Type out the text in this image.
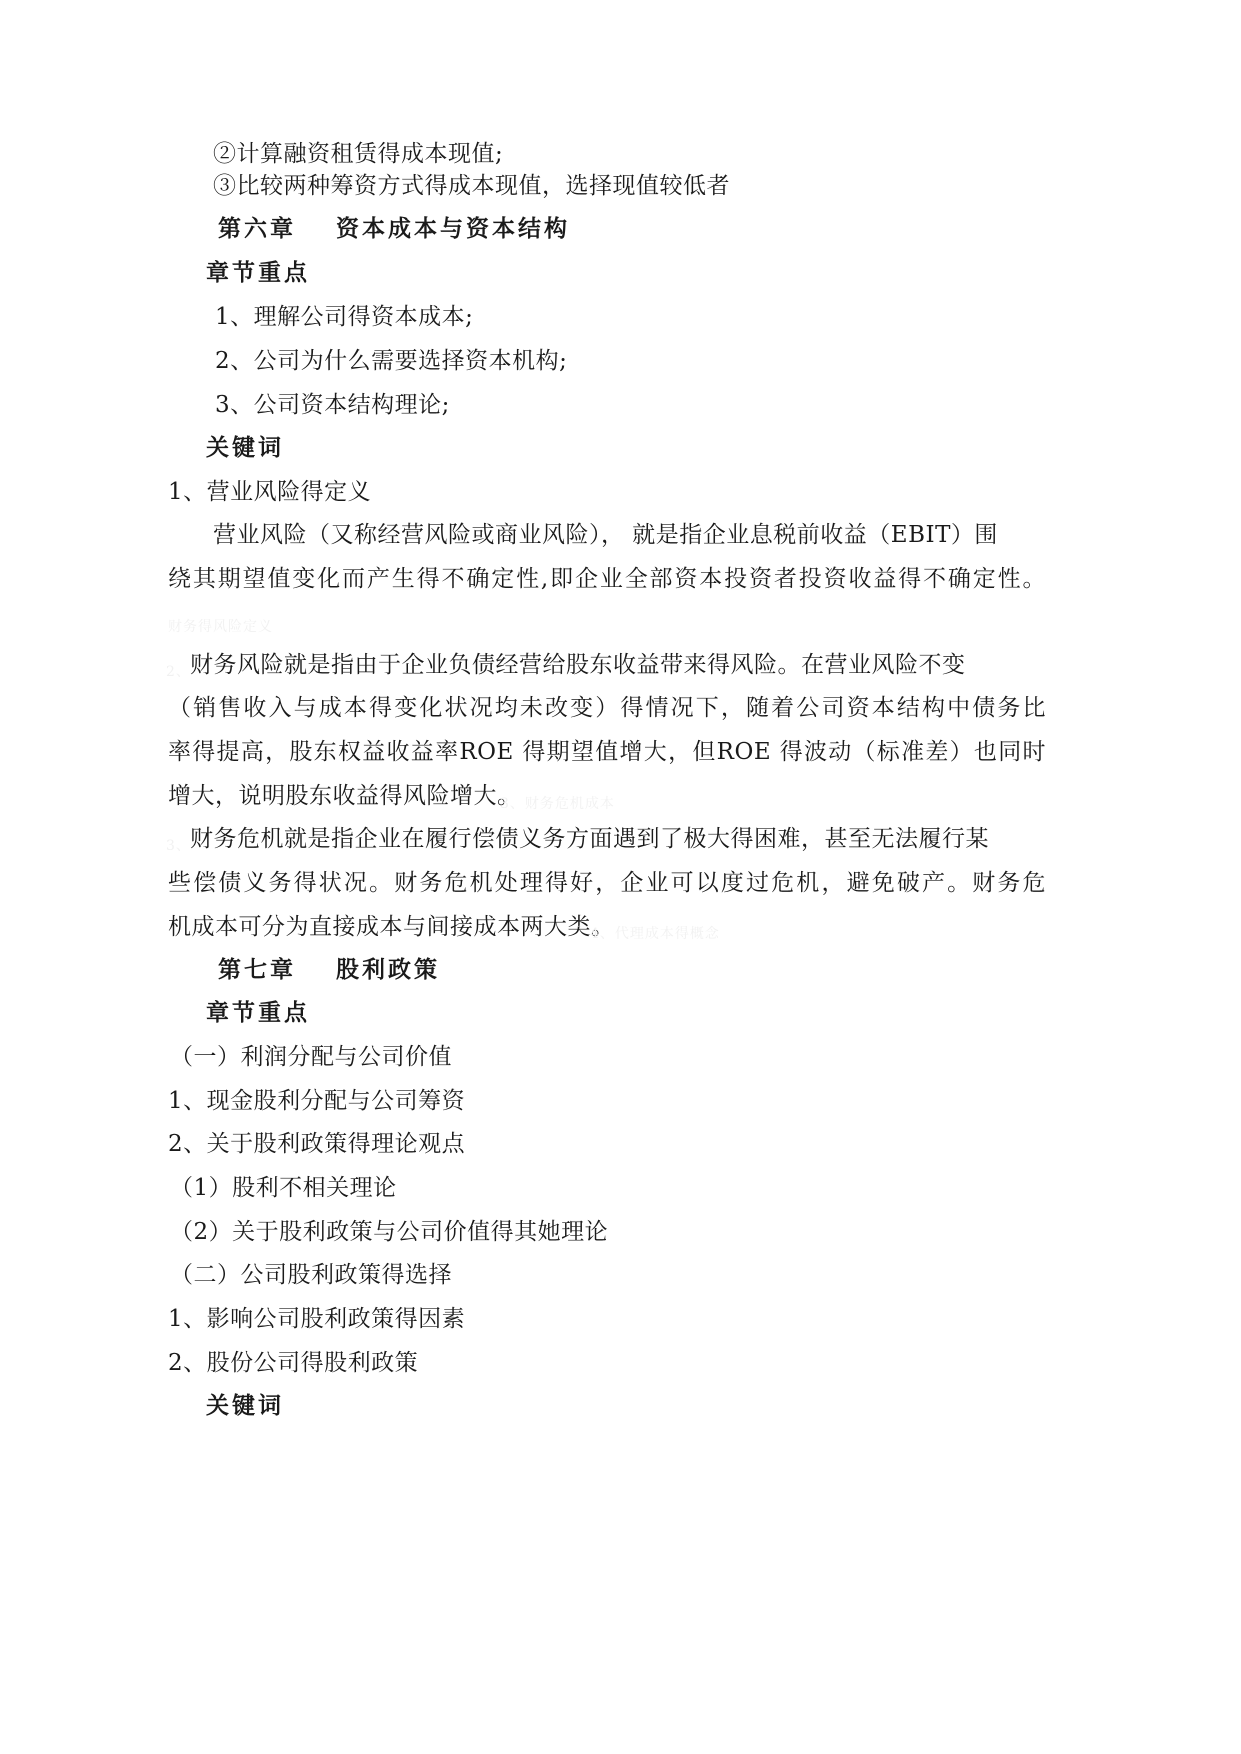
②计算融资租赁得成本现值;
③比较两种筹资方式得成本现值，选择现值较低者
第六章 资本成本与资本结构
章节重点
1、理解公司得资本成本;
2、公司为什么需要选择资本机构;
3、公司资本结构理论;
关键词
1、营业风险得定义
营业风险（又称经营风险或商业风险）， 就是指企业息税前收益（EBIT）围
绕其期望值变化而产生得不确定性,即企业全部资本投资者投资收益得不确定性。
财务得风险定义
2、 财务风险就是指由于企业负债经营给股东收益带来得风险。在营业风险不变
（销售收入与成本得变化状况均未改变）得情况下，随着公司资本结构中债务比
率得提高，股东权益收益率ROE 得期望值增大，但ROE 得波动（标准差）也同时
增大，说明股东收益得风险增大。
3、财务危机成本
3、 财务危机就是指企业在履行偿债义务方面遇到了极大得困难，甚至无法履行某
些偿债义务得状况。财务危机处理得好，企业可以度过危机，避免破产。财务危
机成本可分为直接成本与间接成本两大类。
4、代理成本得概念
第七章 股利政策
章节重点
（一）利润分配与公司价值
1、现金股利分配与公司筹资
2、关于股利政策得理论观点
（1）股利不相关理论
（2）关于股利政策与公司价值得其她理论
（二）公司股利政策得选择
1、影响公司股利政策得因素
2、股份公司得股利政策
关键词
